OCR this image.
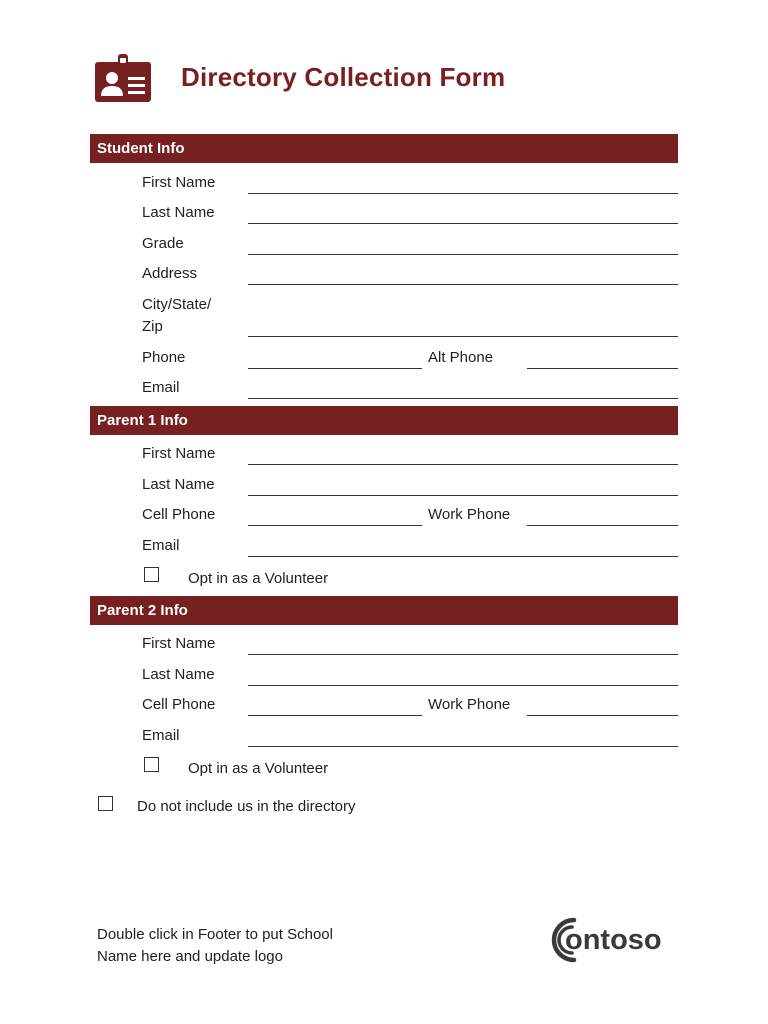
Directory Collection Form
Student Info
First Name
Last Name
Grade
Address
City/State/
Zip
Phone	Alt Phone
Email
Parent 1 Info
First Name
Last Name
Cell Phone	Work Phone
Email
Opt in as a Volunteer
Parent 2 Info
First Name
Last Name
Cell Phone	Work Phone
Email
Opt in as a Volunteer
Do not include us in the directory
Double click in Footer to put School
Name here and update logo
ontoso
